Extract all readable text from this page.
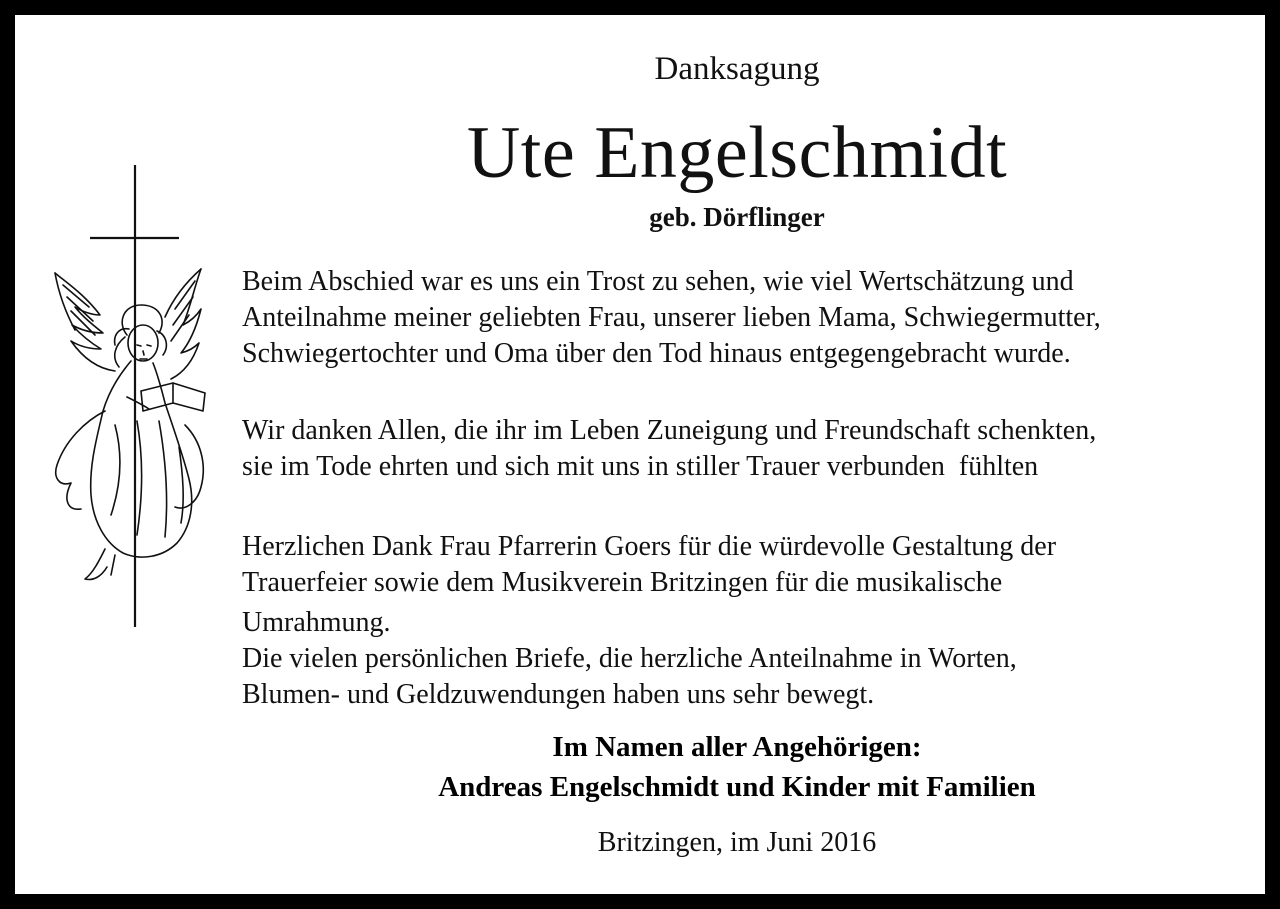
Danksagung
Ute Engelschmidt
geb. Dörflinger

Beim Abschied war es uns ein Trost zu sehen, wie viel Wertschätzung und
Anteilnahme meiner geliebten Frau, unserer lieben Mama, Schwiegermutter,
Schwiegertochter und Oma über den Tod hinaus entgegengebracht wurde.

Wir danken Allen, die ihr im Leben Zuneigung und Freundschaft schenkten,
sie im Tode ehrten und sich mit uns in stiller Trauer verbunden  fühlten

Herzlichen Dank Frau Pfarrerin Goers für die würdevolle Gestaltung der
Trauerfeier sowie dem Musikverein Britzingen für die musikalische
Umrahmung.
Die vielen persönlichen Briefe, die herzliche Anteilnahme in Worten,
Blumen- und Geldzuwendungen haben uns sehr bewegt.

Im Namen aller Angehörigen:
Andreas Engelschmidt und Kinder mit Familien
Britzingen, im Juni 2016
